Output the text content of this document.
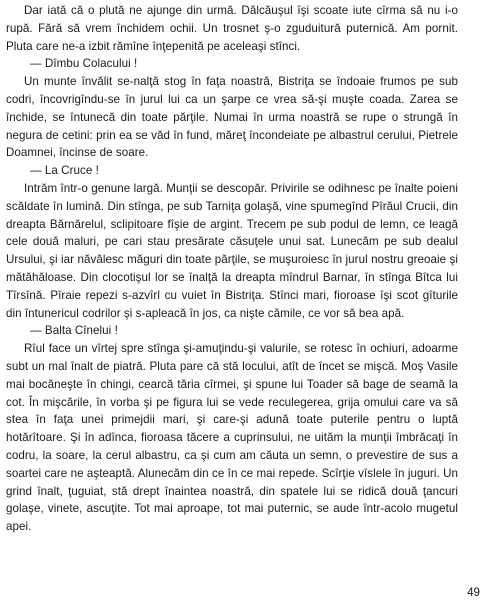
Dar iată că o plută ne ajunge din urmă. Dălcăuşul îşi scoate iute cîrma să nu i-o rupă. Fără să vrem închidem ochii. Un trosnet ş-o zguduitură puternică. Am pornit. Pluta care ne-a izbit rămîne înţepenită pe aceleaşi stînci.

— Dîmbu Colacului !

Un munte învălit se-nalţă stog în faţa noastră, Bistriţa se îndoaie frumos pe sub codri, încovrigîndu-se în jurul lui ca un şarpe ce vrea să-şi muşte coada. Zarea se închide, se întunecă din toate părţile. Numai în urma noastră se rupe o strungă în negura de cetini: prin ea se văd în fund, măreţ încondeiate pe albastrul cerului, Pietrele Doamnei, încinse de soare.

— La Cruce !

Intrăm într-o genune largă. Munţii se descopăr. Privirile se odihnesc pe înalte poieni scăldate în lumină. Din stînga, pe sub Tarniţa golaşă, vine spumegînd Pîrăul Crucii, din dreapta Bărnărelul, sclipitoare fîşie de argint. Trecem pe sub podul de lemn, ce leagă cele două maluri, pe cari stau presărate căsuţele unui sat. Lunecăm pe sub dealul Ursului, şi iar năvălesc măguri din toate părţile, se muşuroiesc în jurul nostru greoaie şi mătăhăloase. Din clocotişul lor se înalţă la dreapta mîndrul Barnar, în stînga Bîtca lui Tîrsînă. Pîraie repezi s-azvîrl cu vuiet în Bistriţa. Stînci mari, fioroase îşi scot gîturile din întunericul codrilor şi s-apleacă în jos, ca nişte cămile, ce vor să bea apă.

— Balta Cînelui !

Rîul face un vîrtej spre stînga şi-amuţindu-şi valurile, se rotesc în ochiuri, adoarme subt un mal înalt de piatră. Pluta pare că stă locului, atît de încet se mişcă. Moş Vasile mai bocăneşte în chingi, cearcă tăria cîrmei, şi spune lui Toader să bage de seamă la cot. În mişcările, în vorba şi pe figura lui se vede reculegerea, grija omului care va să stea în faţa unei primejdii mari, şi care-şi adună toate puterile pentru o luptă hotărîtoare. Şi în adînca, fioroasa tăcere a cuprinsului, ne uităm la munţii îmbrăcaţi în codru, la soare, la cerul albastru, ca şi cum am căuta un semn, o prevestire de sus a soartei care ne aşteaptă. Alunecăm din ce în ce mai repede. Scîrţie vîslele în juguri. Un grind înalt, ţuguiat, stă drept înaintea noastră, din spatele lui se ridică două ţancuri golaşe, vinete, ascuţite. Tot mai aproape, tot mai puternic, se aude într-acolo mugetul apei.

49
